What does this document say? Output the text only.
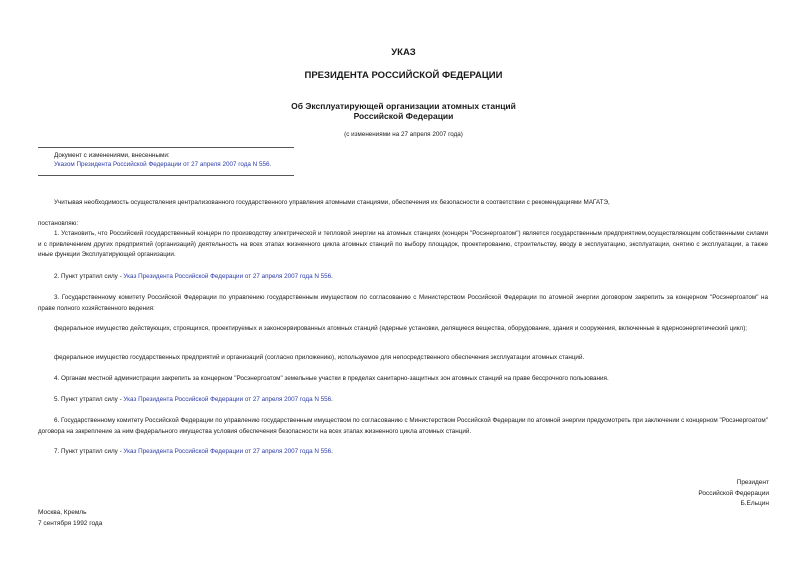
УКАЗ
ПРЕЗИДЕНТА РОССИЙСКОЙ ФЕДЕРАЦИИ
Об Эксплуатирующей организации атомных станций
Российской Федерации
(с изменениями на 27 апреля 2007 года)
Документ с изменениями, внесенными:
Указом Президента Российской Федерации от 27 апреля 2007 года N 556.
Учитывая необходимость осуществления централизованного государственного управления атомными станциями, обеспечения их безопасности в соответствии с рекомендациями МАГАТЭ,
постановляю:
1. Установить, что Российский государственный концерн по производству электрической и тепловой энергии на атомных станциях (концерн "Росэнергоатом") является государственным предприятием,осуществляющим собственными силами и с привлечением других предприятий (организаций) деятельность на всех этапах жизненного цикла атомных станций по выбору площадок, проектированию, строительству, вводу в эксплуатацию, эксплуатации, снятию с эксплуатации, а также иные функции Эксплуатирующей организации.
2. Пункт утратил силу - Указ Президента Российской Федерации от 27 апреля 2007 года N 556.
3. Государственному комитету Российской Федерации по управлению государственным имуществом по согласованию с Министерством Российской Федерации по атомной энергии договором закрепить за концерном "Росэнергоатом" на праве полного хозяйственного ведения:
федеральное имущество действующих, строящихся, проектируемых и законсервированных атомных станций (ядерные установки, делящиеся вещества, оборудование, здания и сооружения, включенные в ядерноэнергетический цикл);
федеральное имущество государственных предприятий и организаций (согласно приложению), используемое для непосредственного обеспечения эксплуатации атомных станций.
4. Органам местной администрации закрепить за концерном "Росэнергоатом" земельные участки в пределах санитарно-защитных зон атомных станций на праве бессрочного пользования.
5. Пункт утратил силу - Указ Президента Российской Федерации от 27 апреля 2007 года N 556.
6. Государственному комитету Российской Федерации по управлению государственным имуществом по согласованию с Министерством Российской Федерации по атомной энергии предусмотреть при заключении с концерном "Росэнергоатом" договора на закрепление за ним федерального имущества условия обеспечения безопасности на всех этапах жизненного цикла атомных станций.
7. Пункт утратил силу - Указ Президента Российской Федерации от 27 апреля 2007 года N 556.
Президент
Российской Федерации
Б.Ельцин
Москва, Кремль
7 сентября 1992 года
